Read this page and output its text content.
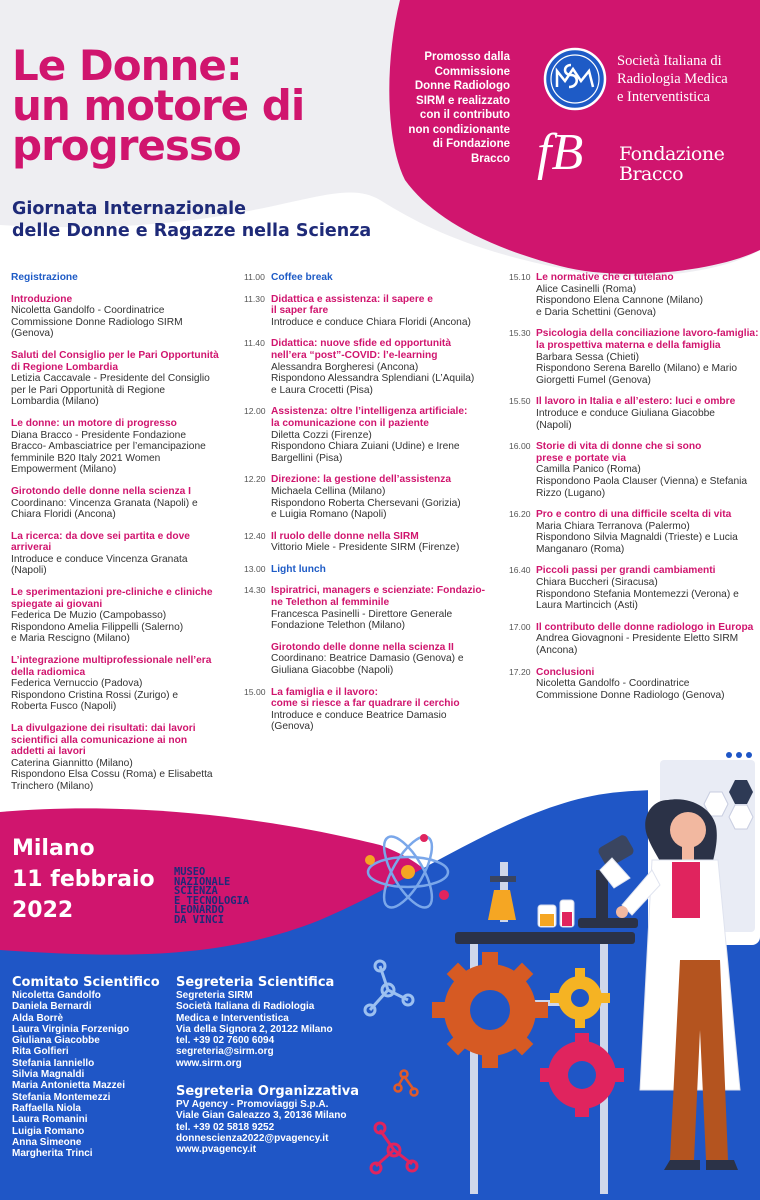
Le Donne:
un motore di
progresso
Giornata Internazionale
delle Donne e Ragazze nella Scienza
Promosso dalla
Commissione
Donne Radiologo
SIRM e realizzato
con il contributo
non condizionante
di Fondazione
Bracco
Società Italiana di
Radiologia Medica
e Interventistica
fB Fondazione
Bracco
Registrazione
Introduzione
Nicoletta Gandolfo - Coordinatrice
Commissione Donne Radiologo SIRM
(Genova)
Saluti del Consiglio per le Pari Opportunità
di Regione Lombardia
Letizia Caccavale - Presidente del Consiglio
per le Pari Opportunità di Regione
Lombardia (Milano)
Le donne: un motore di progresso
Diana Bracco - Presidente Fondazione
Bracco- Ambasciatrice per l’emancipazione
femminile B20 Italy 2021 Women
Empowerment (Milano)
Girotondo delle donne nella scienza I
Coordinano: Vincenza Granata (Napoli) e
Chiara Floridi (Ancona)
La ricerca: da dove sei partita e dove
arriverai
Introduce e conduce Vincenza Granata
(Napoli)
Le sperimentazioni pre-cliniche e cliniche
spiegate ai giovani
Federica De Muzio (Campobasso)
Rispondono Amelia Filippelli (Salerno)
e Maria Rescigno (Milano)
L’integrazione multiprofessionale nell’era
della radiomica
Federica Vernuccio (Padova)
Rispondono Cristina Rossi (Zurigo) e
Roberta Fusco (Napoli)
La divulgazione dei risultati: dai lavori
scientifici alla comunicazione ai non
addetti ai lavori
Caterina Giannitto (Milano)
Rispondono Elsa Cossu (Roma) e Elisabetta
Trinchero (Milano)
11.00 Coffee break
11.30 Didattica e assistenza: il sapere e
il saper fare
Introduce e conduce Chiara Floridi (Ancona)
11.40 Didattica: nuove sfide ed opportunità
nell’era “post”-COVID: l’e-learning
Alessandra Borgheresi (Ancona)
Rispondono Alessandra Splendiani (L’Aquila)
e Laura Crocetti (Pisa)
12.00 Assistenza: oltre l’intelligenza artificiale:
la comunicazione con il paziente
Diletta Cozzi (Firenze)
Rispondono Chiara Zuiani (Udine) e Irene
Bargellini (Pisa)
12.20 Direzione: la gestione dell’assistenza
Michaela Cellina (Milano)
Rispondono Roberta Chersevani (Gorizia)
e Luigia Romano (Napoli)
12.40 Il ruolo delle donne nella SIRM
Vittorio Miele - Presidente SIRM (Firenze)
13.00 Light lunch
14.30 Ispiratrici, managers e scienziate: Fondazio-
ne Telethon al femminile
Francesca Pasinelli - Direttore Generale
Fondazione Telethon (Milano)
Girotondo delle donne nella scienza II
Coordinano: Beatrice Damasio (Genova) e
Giuliana Giacobbe (Napoli)
15.00 La famiglia e il lavoro:
come si riesce a far quadrare il cerchio
Introduce e conduce Beatrice Damasio
(Genova)
15.10 Le normative che ci tutelano
Alice Casinelli (Roma)
Rispondono Elena Cannone (Milano)
e Daria Schettini (Genova)
15.30 Psicologia della conciliazione lavoro-famiglia:
la prospettiva materna e della famiglia
Barbara Sessa (Chieti)
Rispondono Serena Barello (Milano) e Mario
Giorgetti Fumel (Genova)
15.50 Il lavoro in Italia e all’estero: luci e ombre
Introduce e conduce Giuliana Giacobbe
(Napoli)
16.00 Storie di vita di donne che si sono
prese e portate via
Camilla Panico (Roma)
Rispondono Paola Clauser (Vienna) e Stefania
Rizzo (Lugano)
16.20 Pro e contro di una difficile scelta di vita
Maria Chiara Terranova (Palermo)
Rispondono Silvia Magnaldi (Trieste) e Lucia
Manganaro (Roma)
16.40 Piccoli passi per grandi cambiamenti
Chiara Buccheri (Siracusa)
Rispondono Stefania Montemezzi (Verona) e
Laura Martincich (Asti)
17.00 Il contributo delle donne radiologo in Europa
Andrea Giovagnoni - Presidente Eletto SIRM
(Ancona)
17.20 Conclusioni
Nicoletta Gandolfo - Coordinatrice
Commissione Donne Radiologo (Genova)
Milano
11 febbraio
2022
MUSEO
NAZIONALE
SCIENZA
E TECNOLOGIA
LEONARDO
DA VINCI
Comitato Scientifico
Nicoletta Gandolfo
Daniela Bernardi
Alda Borrè
Laura Virginia Forzenigo
Giuliana Giacobbe
Rita Golfieri
Stefania Ianniello
Silvia Magnaldi
Maria Antonietta Mazzei
Stefania Montemezzi
Raffaella Niola
Laura Romanini
Luigia Romano
Anna Simeone
Margherita Trinci
Segreteria Scientifica
Segreteria SIRM
Società Italiana di Radiologia
Medica e Interventistica
Via della Signora 2, 20122 Milano
tel. +39 02 7600 6094
segreteria@sirm.org
www.sirm.org
Segreteria Organizzativa
PV Agency - Promoviaggi S.p.A.
Viale Gian Galeazzo 3, 20136 Milano
tel. +39 02 5818 9252
donnescienza2022@pvagency.it
www.pvagency.it
